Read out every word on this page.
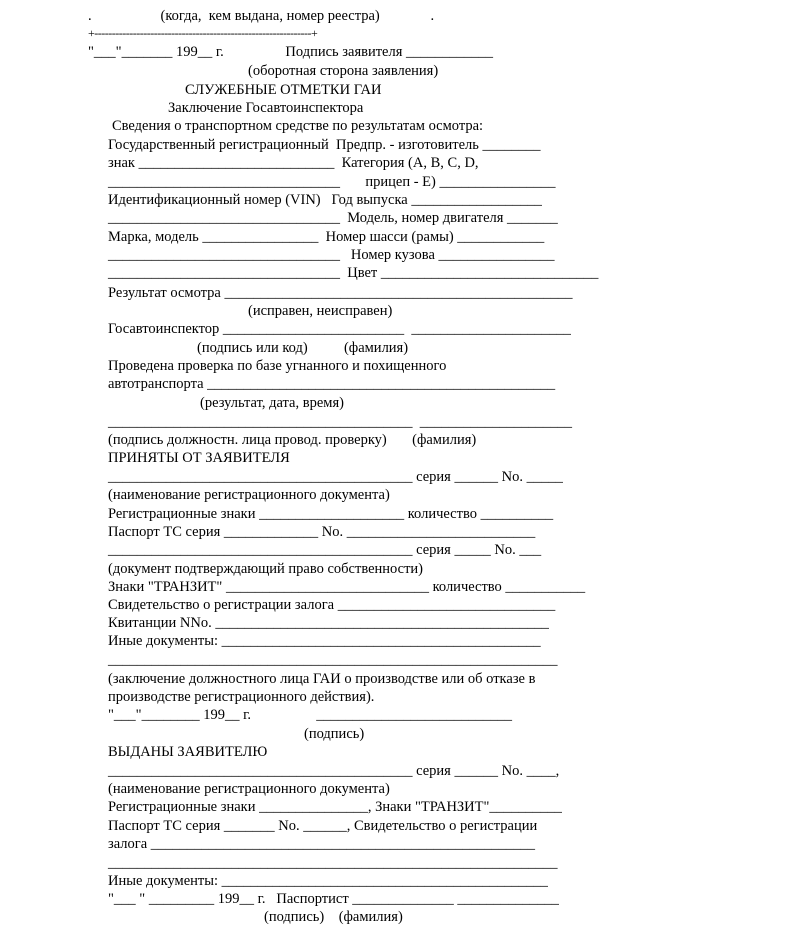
.                   (когда,  кем выдана, номер реестра)              .
+--------------------------------------------------------------+
"___"_______ 199__ г.                 Подпись заявителя ____________
(оборотная сторона заявления)
СЛУЖЕБНЫЕ ОТМЕТКИ ГАИ
Заключение Госавтоинспектора
Сведения о транспортном средстве по результатам осмотра:
Государственный регистрационный  Предпр. - изготовитель ________
знак ___________________________  Категория (A, B, C, D,
________________________________       прицеп - E) ________________
Идентификационный номер (VIN)   Год выпуска __________________
________________________________  Модель, номер двигателя _______
Марка, модель ________________  Номер шасси (рамы) ____________
________________________________   Номер кузова ________________
________________________________  Цвет ______________________________
Результат осмотра ________________________________________________
(исправен, неисправен)
Госавтоинспектор _________________________  ______________________
(подпись или код)          (фамилия)
Проведена проверка по базе угнанного и похищенного
автотранспорта ________________________________________________
(результат, дата, время)
__________________________________________  _____________________
(подпись должностн. лица провод. проверку)       (фамилия)
ПРИНЯТЫ ОТ ЗАЯВИТЕЛЯ
__________________________________________ серия ______ No. _____
(наименование регистрационного документа)
Регистрационные знаки ____________________ количество __________
Паспорт ТС серия _____________ No. __________________________
__________________________________________ серия _____ No. ___
(документ подтверждающий право собственности)
Знаки "ТРАНЗИТ" ____________________________ количество ___________
Свидетельство о регистрации залога ______________________________
Квитанции NNo. ______________________________________________
Иные документы: ____________________________________________
______________________________________________________________
(заключение должностного лица ГАИ о производстве или об отказе в
производстве регистрационного действия).
"___"________ 199__ г.                  ___________________________
(подпись)
ВЫДАНЫ ЗАЯВИТЕЛЮ
__________________________________________ серия ______ No. ____,
(наименование регистрационного документа)
Регистрационные знаки _______________, Знаки "ТРАНЗИТ"__________
Паспорт ТС серия _______ No. ______, Свидетельство о регистрации
залога _____________________________________________________
______________________________________________________________
Иные документы: _____________________________________________
"___ " _________ 199__ г.   Паспортист ______________ ______________
(подпись)    (фамилия)
